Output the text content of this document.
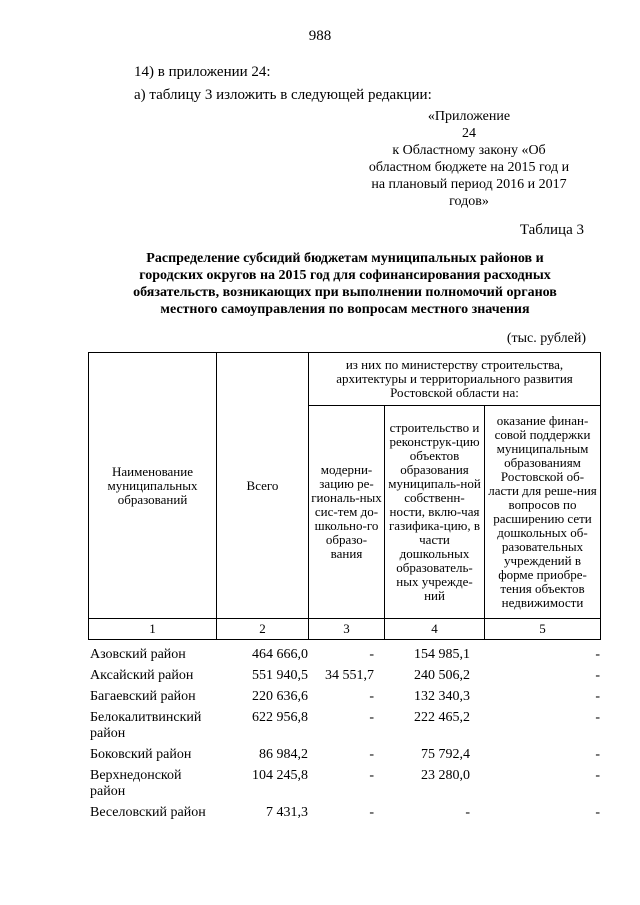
988
14) в приложении 24:
а) таблицу 3 изложить в следующей редакции:
«Приложение
24
к Областному закону «Об
областном бюджете на 2015 год и
на плановый период 2016 и 2017
годов»
Таблица 3
Распределение субсидий бюджетам муниципальных районов и
городских округов на 2015 год для софинансирования расходных
обязательств, возникающих при выполнении полномочий органов
местного самоуправления по вопросам местного значения
(тыс. рублей)
Наименование муниципальных образований	Всего	из них по министерству строительства, архитектуры и территориального развития Ростовской области на:		
		модерни-зацию ре-гиональ-ных сис-тем до-школьно-го образо-вания	строительство и реконструк-цию объектов образования муниципаль-ной собственн-ности, вклю-чая газифика-цию, в части дошкольных образователь-ных учрежде-ний	оказание финан-совой поддержки муниципальным образованиям Ростовской об-ласти для реше-ния вопросов по расширению сети дошкольных об-разовательных учреждений в форме приобре-тения объектов недвижимости
1	2	3	4	5
Азовский район	464 666,0	-	154 985,1	-
Аксайский район	551 940,5	34 551,7	240 506,2	-
Багаевский район	220 636,6	-	132 340,3	-
Белокалитвинский район	622 956,8	-	222 465,2	-
Боковский район	86 984,2	-	75 792,4	-
Верхнедонской район	104 245,8	-	23 280,0	-
Веселовский район	7 431,3	-	-	-
